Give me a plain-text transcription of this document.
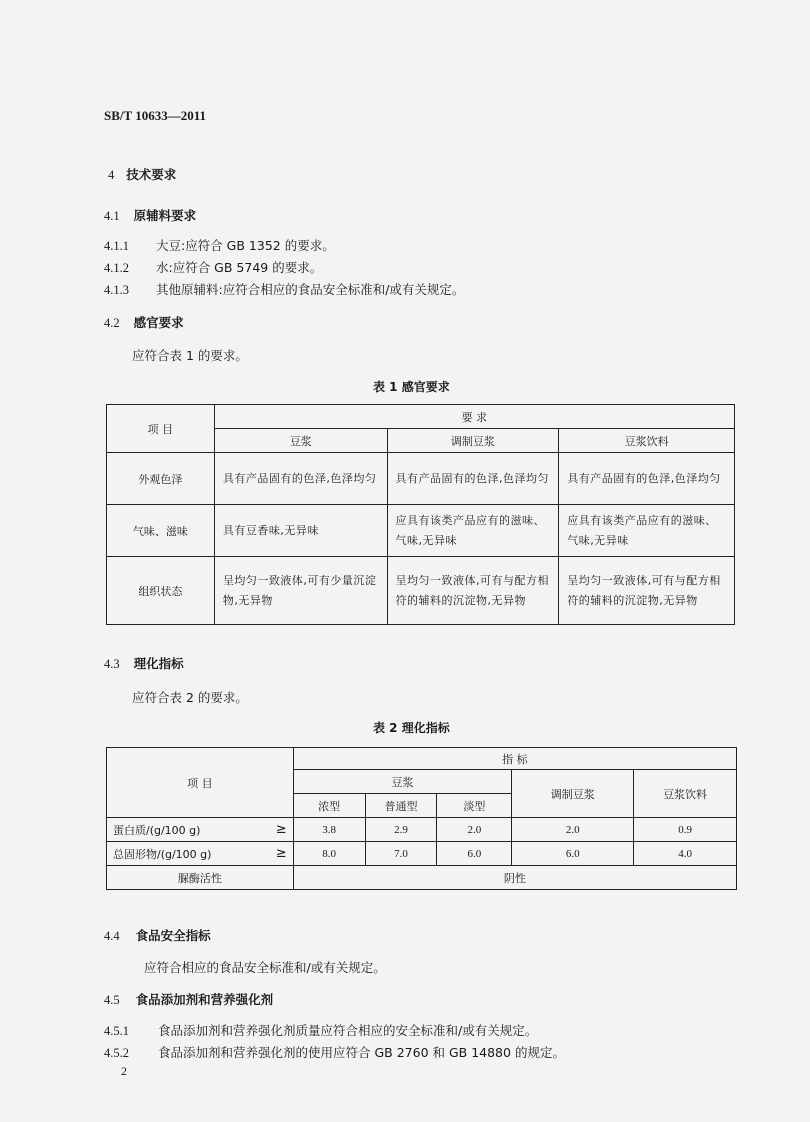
SB/T 10633—2011
4 技术要求
4.1 原辅料要求
4.1.1 大豆:应符合 GB 1352 的要求。
4.1.2 水:应符合 GB 5749 的要求。
4.1.3 其他原辅料:应符合相应的食品安全标准和/或有关规定。
4.2 感官要求
应符合表 1 的要求。
表 1 感官要求
项 目	要 求		
	豆浆	调制豆浆	豆浆饮料
外观色泽	具有产品固有的色泽,色泽均匀	具有产品固有的色泽,色泽均匀	具有产品固有的色泽,色泽均匀
气味、滋味	具有豆香味,无异味	应具有该类产品应有的滋味、气味,无异味	应具有该类产品应有的滋味、气味,无异味
组织状态	呈均匀一致液体,可有少量沉淀物,无异物	呈均匀一致液体,可有与配方相符的辅料的沉淀物,无异物	呈均匀一致液体,可有与配方相符的辅料的沉淀物,无异物
4.3 理化指标
应符合表 2 的要求。
表 2 理化指标
项 目	指 标				
	豆浆			调制豆浆	豆浆饮料
	浓型	普通型	淡型		
蛋白质/(g/100 g) ≥	3.8	2.9	2.0	2.0	0.9
总固形物/(g/100 g) ≥	8.0	7.0	6.0	6.0	4.0
脲酶活性	阴性				
4.4 食品安全指标
应符合相应的食品安全标准和/或有关规定。
4.5 食品添加剂和营养强化剂
4.5.1 食品添加剂和营养强化剂质量应符合相应的安全标准和/或有关规定。
4.5.2 食品添加剂和营养强化剂的使用应符合 GB 2760 和 GB 14880 的规定。
2
